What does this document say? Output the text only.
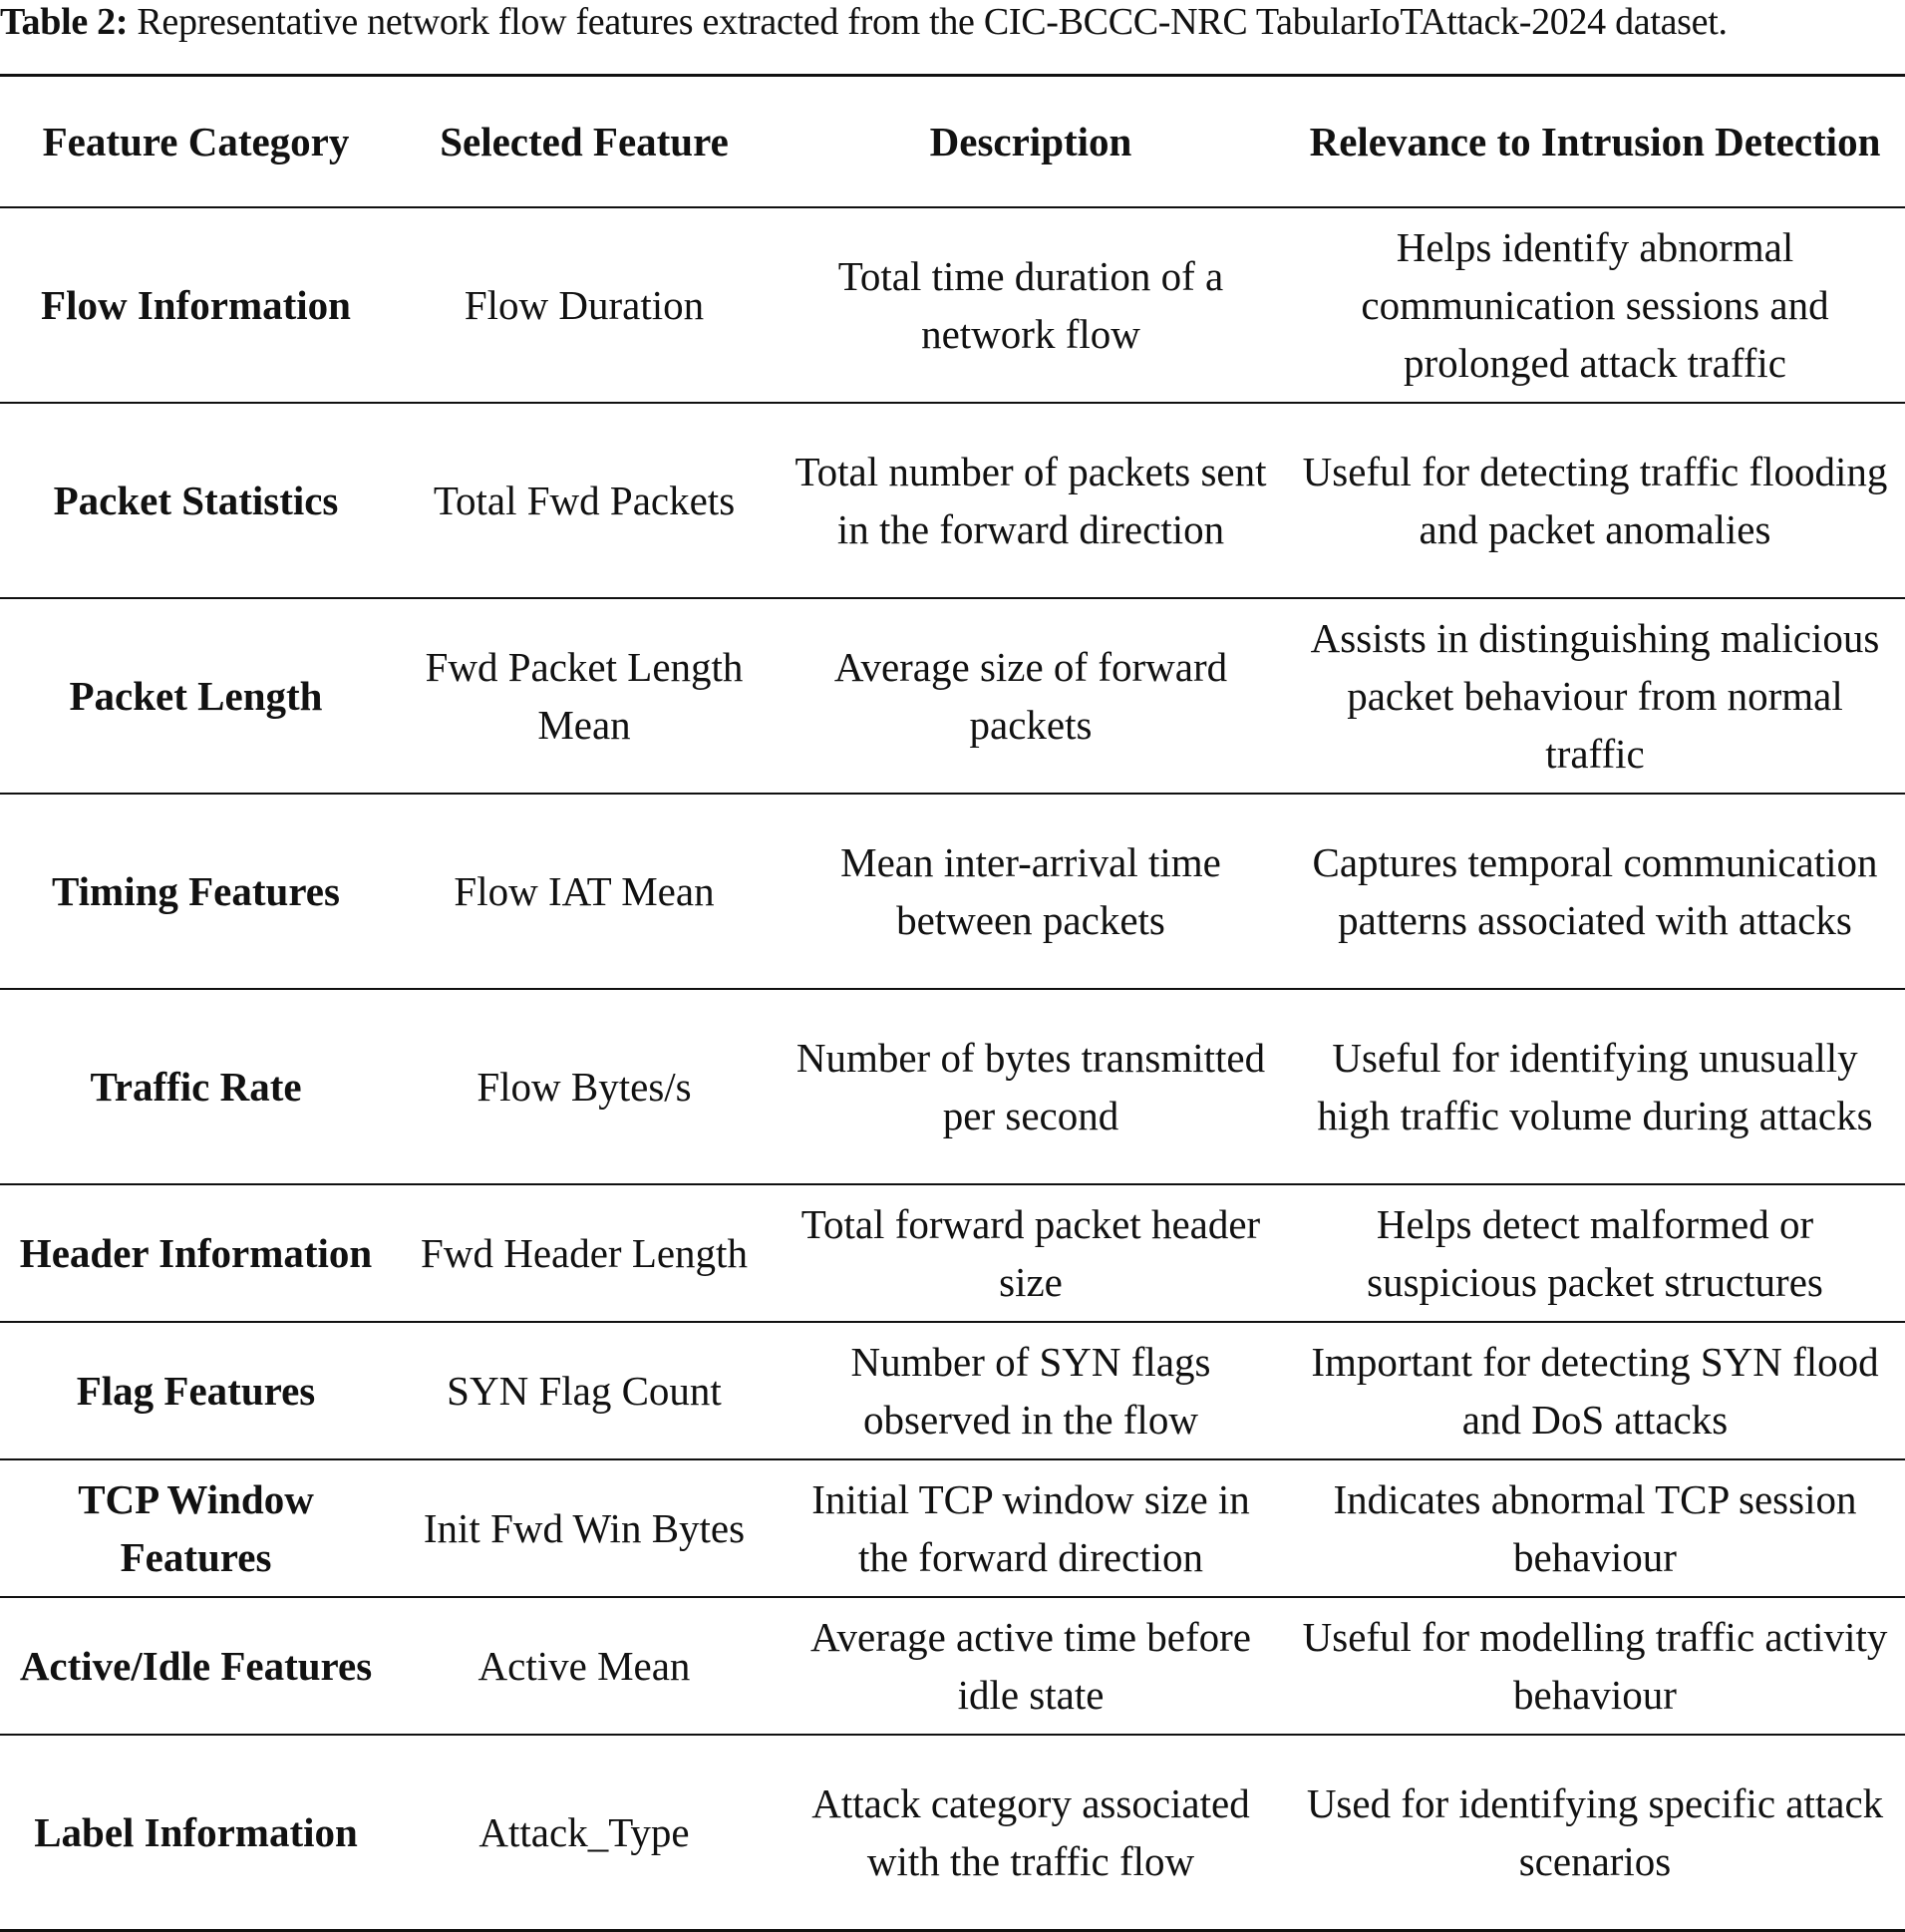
Table 2: Representative network flow features extracted from the CIC-BCCC-NRC TabularIoTAttack-2024 dataset.
Feature Category	Selected Feature	Description	Relevance to Intrusion Detection
Flow Information	Flow Duration	Total time duration of a network flow	Helps identify abnormal communication sessions and prolonged attack traffic
Packet Statistics	Total Fwd Packets	Total number of packets sent in the forward direction	Useful for detecting traffic flooding and packet anomalies
Packet Length	Fwd Packet Length Mean	Average size of forward packets	Assists in distinguishing malicious packet behaviour from normal traffic
Timing Features	Flow IAT Mean	Mean inter-arrival time between packets	Captures temporal communication patterns associated with attacks
Traffic Rate	Flow Bytes/s	Number of bytes transmitted per second	Useful for identifying unusually high traffic volume during attacks
Header Information	Fwd Header Length	Total forward packet header size	Helps detect malformed or suspicious packet structures
Flag Features	SYN Flag Count	Number of SYN flags observed in the flow	Important for detecting SYN flood and DoS attacks
TCP Window Features	Init Fwd Win Bytes	Initial TCP window size in the forward direction	Indicates abnormal TCP session behaviour
Active/Idle Features	Active Mean	Average active time before idle state	Useful for modelling traffic activity behaviour
Label Information	Attack_Type	Attack category associated with the traffic flow	Used for identifying specific attack scenarios
